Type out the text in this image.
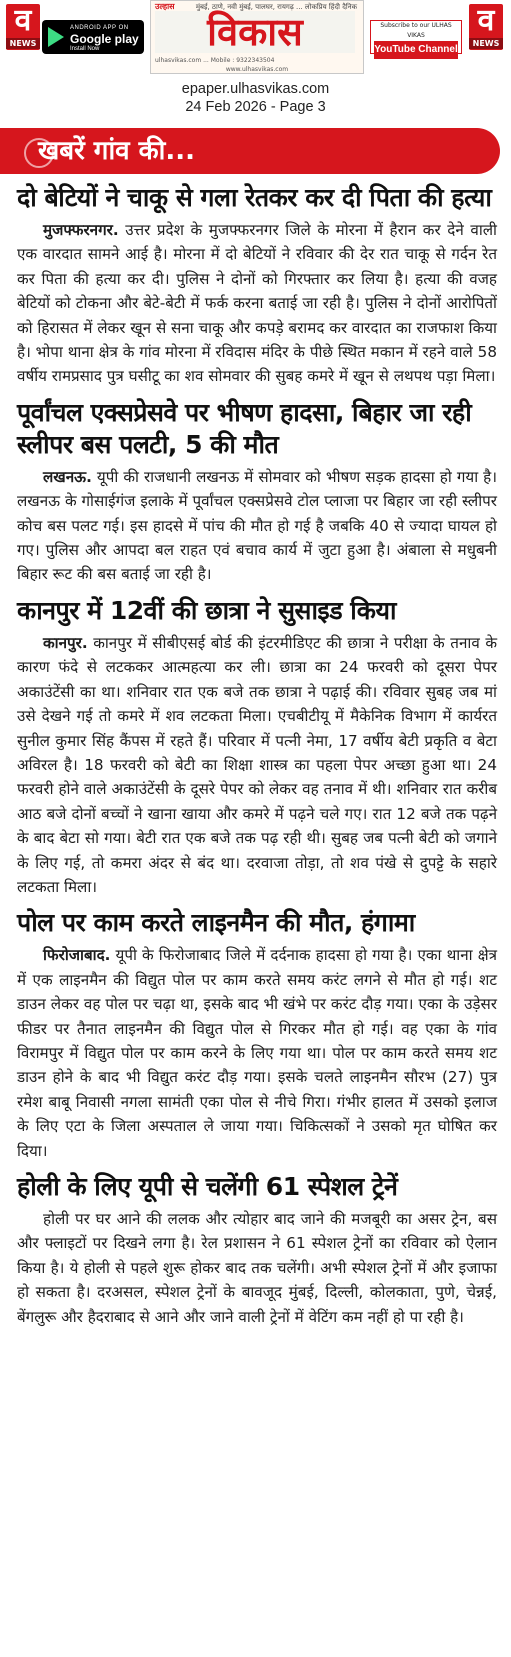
व
NEWS
ANDROID APP ON
Google play
Install Now
उल्हास	मुंबई, ठाणे, नवी मुंबई, पालघर, रायगढ़ ... लोकप्रिय हिंदी दैनिक
विकास
ulhasvikas.com ... Mobile : 9322343504
www.ulhasvikas.com
Subscribe to our ULHAS VIKAS
YouTube Channel
व
NEWS
epaper.ulhasvikas.com
24 Feb 2026 - Page 3
खबरें गांव की...
दो बेटियों ने चाकू से गला रेतकर कर दी पिता की हत्या

मुजफ्फरनगर. उत्तर प्रदेश के मुजफ्फरनगर जिले के मोरना में हैरान कर देने वाली एक वारदात सामने आई है। मोरना में दो बेटियों ने रविवार की देर रात चाकू से गर्दन रेत कर पिता की हत्या कर दी। पुलिस ने दोनों को गिरफ्तार कर लिया है। हत्या की वजह बेटियों को टोकना और बेटे-बेटी में फर्क करना बताई जा रही है। पुलिस ने दोनों आरोपितों को हिरासत में लेकर खून से सना चाकू और कपड़े बरामद कर वारदात का राजफाश किया है। भोपा थाना क्षेत्र के गांव मोरना में रविदास मंदिर के पीछे स्थित मकान में रहने वाले 58 वर्षीय रामप्रसाद पुत्र घसीटू का शव सोमवार की सुबह कमरे में खून से लथपथ पड़ा मिला।

पूर्वांचल एक्सप्रेसवे पर भीषण हादसा, बिहार जा रही स्लीपर बस पलटी, 5 की मौत

लखनऊ. यूपी की राजधानी लखनऊ में सोमवार को भीषण सड़क हादसा हो गया है। लखनऊ के गोसाईगंज इलाके में पूर्वांचल एक्सप्रेसवे टोल प्लाजा पर बिहार जा रही स्लीपर कोच बस पलट गई। इस हादसे में पांच की मौत हो गई है जबकि 40 से ज्यादा घायल हो गए। पुलिस और आपदा बल राहत एवं बचाव कार्य में जुटा हुआ है। अंबाला से मधुबनी बिहार रूट की बस बताई जा रही है।

कानपुर में 12वीं की छात्रा ने सुसाइड किया

कानपुर. कानपुर में सीबीएसई बोर्ड की इंटरमीडिएट की छात्रा ने परीक्षा के तनाव के कारण फंदे से लटककर आत्महत्या कर ली। छात्रा का 24 फरवरी को दूसरा पेपर अकाउंटेंसी का था। शनिवार रात एक बजे तक छात्रा ने पढ़ाई की। रविवार सुबह जब मां उसे देखने गई तो कमरे में शव लटकता मिला। एचबीटीयू में मैकेनिक विभाग में कार्यरत सुनील कुमार सिंह कैंपस में रहते हैं। परिवार में पत्नी नेमा, 17 वर्षीय बेटी प्रकृति व बेटा अविरल है। 18 फरवरी को बेटी का शिक्षा शास्त्र का पहला पेपर अच्छा हुआ था। 24 फरवरी होने वाले अकाउंटेंसी के दूसरे पेपर को लेकर वह तनाव में थी। शनिवार रात करीब आठ बजे दोनों बच्चों ने खाना खाया और कमरे में पढ़ने चले गए। रात 12 बजे तक पढ़ने के बाद बेटा सो गया। बेटी रात एक बजे तक पढ़ रही थी। सुबह जब पत्नी बेटी को जगाने के लिए गई, तो कमरा अंदर से बंद था। दरवाजा तोड़ा, तो शव पंखे से दुपट्टे के सहारे लटकता मिला।

पोल पर काम करते लाइनमैन की मौत, हंगामा

फिरोजाबाद. यूपी के फिरोजाबाद जिले में दर्दनाक हादसा हो गया है। एका थाना क्षेत्र में एक लाइनमैन की विद्युत पोल पर काम करते समय करंट लगने से मौत हो गई। शट डाउन लेकर वह पोल पर चढ़ा था, इसके बाद भी खंभे पर करंट दौड़ गया। एका के उड़ेसर फीडर पर तैनात लाइनमैन की विद्युत पोल से गिरकर मौत हो गई। वह एका के गांव विरामपुर में विद्युत पोल पर काम करने के लिए गया था। पोल पर काम करते समय शट डाउन होने के बाद भी विद्युत करंट दौड़ गया। इसके चलते लाइनमैन सौरभ (27) पुत्र रमेश बाबू निवासी नगला सामंती एका पोल से नीचे गिरा। गंभीर हालत में उसको इलाज के लिए एटा के जिला अस्पताल ले जाया गया। चिकित्सकों ने उसको मृत घोषित कर दिया।

होली के लिए यूपी से चलेंगी 61 स्पेशल ट्रेनें

होली पर घर आने की ललक और त्योहार बाद जाने की मजबूरी का असर ट्रेन, बस और फ्लाइटों पर दिखने लगा है। रेल प्रशासन ने 61 स्पेशल ट्रेनों का रविवार को ऐलान किया है। ये होली से पहले शुरू होकर बाद तक चलेंगी। अभी स्पेशल ट्रेनों में और इजाफा हो सकता है। दरअसल, स्पेशल ट्रेनों के बावजूद मुंबई, दिल्ली, कोलकाता, पुणे, चेन्नई, बेंगलुरू और हैदराबाद से आने और जाने वाली ट्रेनों में वेटिंग कम नहीं हो पा रही है।
